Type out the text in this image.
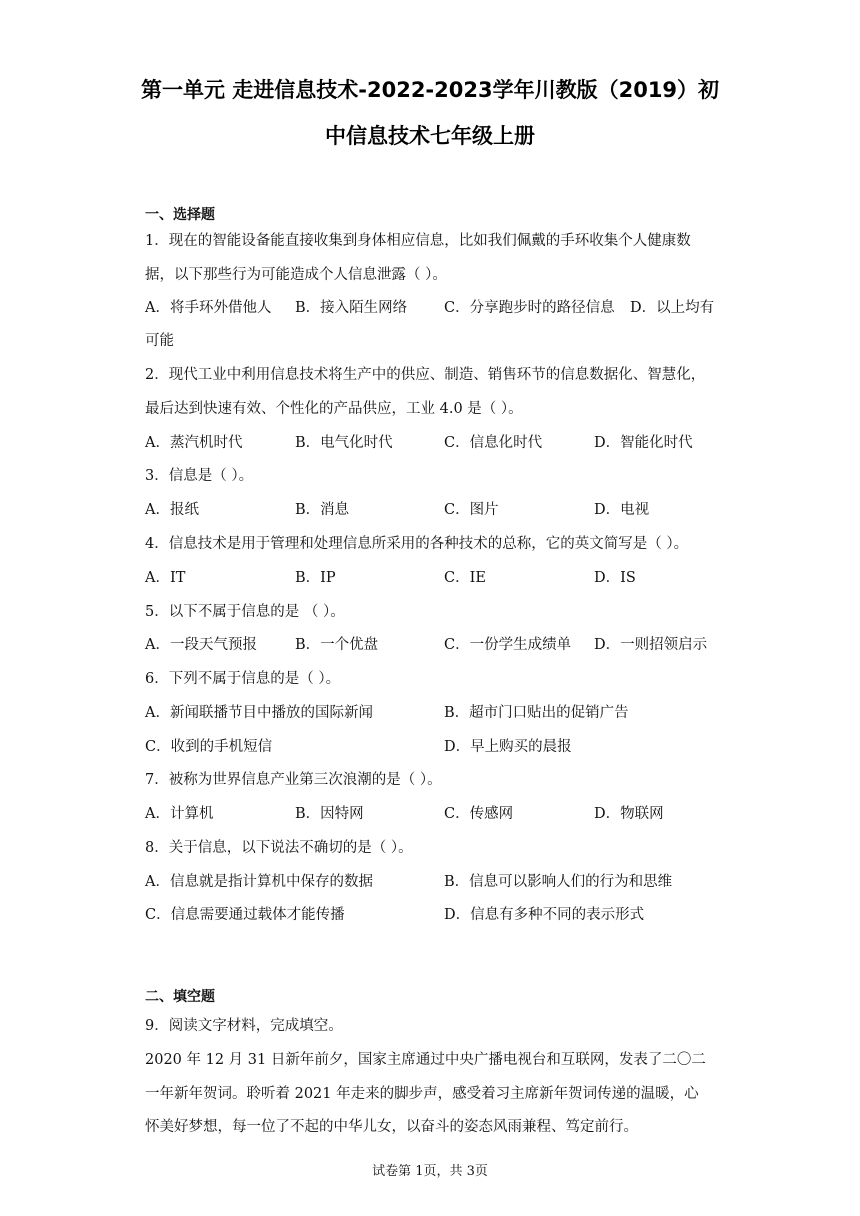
第一单元 走进信息技术-2022-2023学年川教版（2019）初
中信息技术七年级上册
一、选择题
1．现在的智能设备能直接收集到身体相应信息，比如我们佩戴的手环收集个人健康数
据，以下那些行为可能造成个人信息泄露（ ）。
A．将手环外借他人 B．接入陌生网络	C．分享跑步时的路径信息 D．以上均有
可能
2．现代工业中利用信息技术将生产中的供应、制造、销售环节的信息数据化、智慧化，
最后达到快速有效、个性化的产品供应，工业 4.0 是（ ）。
A．蒸汽机时代	B．电气化时代	C．信息化时代	D．智能化时代
3．信息是（ ）。
A．报纸	B．消息	C．图片	D．电视
4．信息技术是用于管理和处理信息所采用的各种技术的总称，它的英文简写是（ ）。
A．IT	B．IP	C．IE	D．IS
5．以下不属于信息的是 （ ）。
A．一段天气预报	B．一个优盘	C．一份学生成绩单 D．一则招领启示
6．下列不属于信息的是（ ）。
A．新闻联播节目中播放的国际新闻	B．超市门口贴出的促销广告
C．收到的手机短信	D．早上购买的晨报
7．被称为世界信息产业第三次浪潮的是（ ）。
A．计算机	B．因特网	C．传感网	D．物联网
8．关于信息，以下说法不确切的是（ ）。
A．信息就是指计算机中保存的数据	B．信息可以影响人们的行为和思维
C．信息需要通过载体才能传播	D．信息有多种不同的表示形式
二、填空题
9．阅读文字材料，完成填空。
2020 年 12 月 31 日新年前夕，国家主席通过中央广播电视台和互联网，发表了二〇二
一年新年贺词。聆听着 2021 年走来的脚步声，感受着习主席新年贺词传递的温暖，心
怀美好梦想，每一位了不起的中华儿女，以奋斗的姿态风雨兼程、笃定前行。
试卷第 1页，共 3页
